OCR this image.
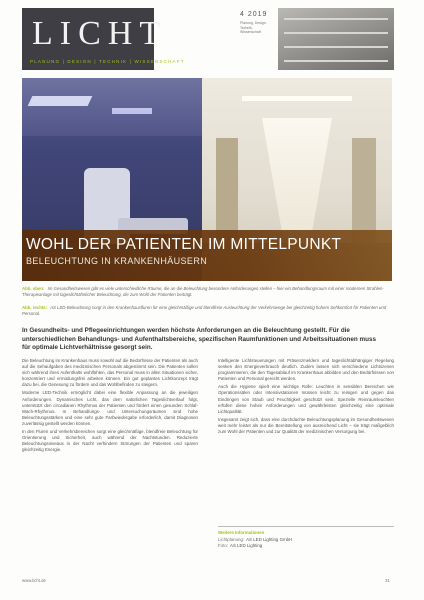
LICHT
PLANUNG | DESIGN | TECHNIK | WISSENSCHAFT
4 2019
Planung, Design, Technik, Wissenschaft
WOHL DER PATIENTEN IM MITTELPUNKT
BELEUCHTUNG IN KRANKENHÄUSERN
Abb. oben: Im Gesundheitswesen gibt es viele unterschiedliche Räume, die an die Beleuchtung besondere Anforderungen stellen – hier ein Behandlungsraum mit einer modernen Strahlen-Therapieanlage mit tageslichtähnlicher Beleuchtung, die zum Wohl der Patienten beiträgt.
Abb. rechts: AS LED-Beleuchtung sorgt in den Krankenhausfluren für eine gleichmäßige und blendfreie Ausleuchtung der Verkehrswege bei gleichzeitig hohem Sehkomfort für Patienten und Personal.
In Gesundheits- und Pflegeeinrichtungen werden höchste Anforderungen an die Beleuchtung gestellt. Für die unterschiedlichen Behandlungs- und Aufenthaltsbereiche, spezifischen Raumfunktionen und Arbeitssituationen muss für optimale Lichtverhältnisse gesorgt sein.

Die Beleuchtung im Krankenhaus muss sowohl auf die Bedürfnisse der Patienten als auch auf die Sehaufgaben des medizinischen Personals abgestimmt sein. Die Patienten sollen sich während ihres Aufenthalts wohlfühlen, das Personal muss in allen Situationen sicher, konzentriert und ermüdungsfrei arbeiten können. Ein gut geplantes Lichtkonzept trägt dazu bei, die Genesung zu fördern und das Wohlbefinden zu steigern.

Moderne LED-Technik ermöglicht dabei eine flexible Anpassung an die jeweiligen Anforderungen. Dynamisches Licht, das dem natürlichen Tageslichtverlauf folgt, unterstützt den circadianen Rhythmus der Patienten und fördert einen gesunden Schlaf-Wach-Rhythmus. In Behandlungs- und Untersuchungsräumen sind hohe Beleuchtungsstärken und eine sehr gute Farbwiedergabe erforderlich, damit Diagnosen zuverlässig gestellt werden können.

In den Fluren und Verkehrsbereichen sorgt eine gleichmäßige, blendfreie Beleuchtung für Orientierung und Sicherheit, auch während der Nachtstunden. Reduzierte Beleuchtungsniveaus in der Nacht verhindern Störungen der Patienten und sparen gleichzeitig Energie.

Intelligente Lichtsteuerungen mit Präsenzmeldern und tageslichtabhängiger Regelung senken den Energieverbrauch deutlich. Zudem lassen sich verschiedene Lichtszenen programmieren, die den Tagesablauf im Krankenhaus abbilden und den Bedürfnissen von Patienten und Personal gerecht werden.

Auch die Hygiene spielt eine wichtige Rolle: Leuchten in sensiblen Bereichen wie Operationssälen oder Intensivstationen müssen leicht zu reinigen und gegen das Eindringen von Staub und Feuchtigkeit geschützt sein. Spezielle Reinraumleuchten erfüllen diese hohen Anforderungen und gewährleisten gleichzeitig eine optimale Lichtqualität.

Insgesamt zeigt sich, dass eine durchdachte Beleuchtungsplanung im Gesundheitswesen weit mehr leistet als nur die Bereitstellung von ausreichend Licht – sie trägt maßgeblich zum Wohl der Patienten und zur Qualität der medizinischen Versorgung bei.

Weitere Informationen
Lichtplanung: AS LED Lighting GmbH
Foto: AS LED Lighting
www.licht.de	31
